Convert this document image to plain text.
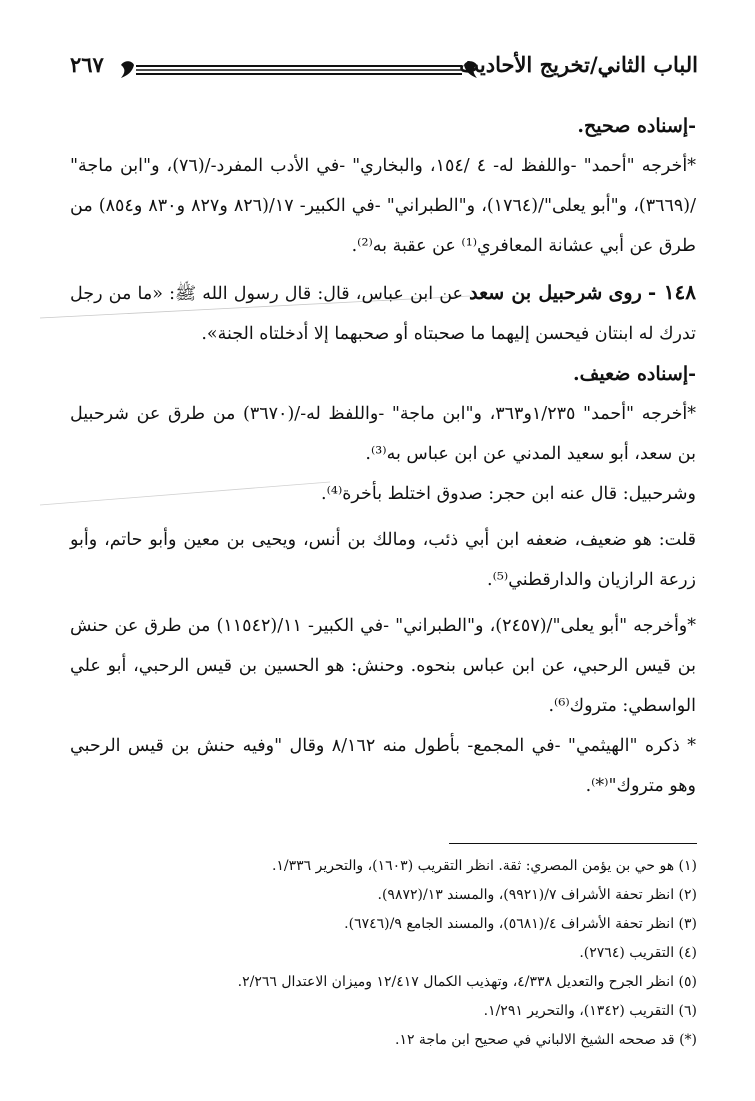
٢٦٧	الباب الثاني/تخريج الأحاديث

-إسناده صحيح.

*أخرجه "أحمد" -واللفظ له- ٤ /١٥٤، والبخاري" -في الأدب المفرد-/(٧٦)، و"ابن ماجة" /(٣٦٦٩)، و"أبو يعلى"/(١٧٦٤)، و"الطبراني" -في الكبير- ١٧/(٨٢٦ و٨٢٧ و٨٣٠ و٨٥٤) من طرق عن أبي عشانة المعافري⁽¹⁾ عن عقبة به⁽²⁾.

١٤٨ - روى شرحبيل بن سعد عن ابن عباس، قال: قال رسول الله ﷺ: «ما من رجل تدرك له ابنتان فيحسن إليهما ما صحبتاه أو صحبهما إلا أدخلتاه الجنة».

-إسناده ضعيف.

*أخرجه "أحمد" ١/٢٣٥و٣٦٣، و"ابن ماجة" -واللفظ له-/(٣٦٧٠) من طرق عن شرحبيل بن سعد، أبو سعيد المدني عن ابن عباس به⁽³⁾.

وشرحبيل: قال عنه ابن حجر: صدوق اختلط بأخرة⁽⁴⁾.

قلت: هو ضعيف، ضعفه ابن أبي ذئب، ومالك بن أنس، ويحيى بن معين وأبو حاتم، وأبو زرعة الرازيان والدارقطني⁽⁵⁾.

*وأخرجه "أبو يعلى"/(٢٤٥٧)، و"الطبراني" -في الكبير- ١١/(١١٥٤٢) من طرق عن حنش بن قيس الرحبي، عن ابن عباس بنحوه. وحنش: هو الحسين بن قيس الرحبي، أبو علي الواسطي: متروك⁽⁶⁾.

* ذكره "الهيثمي" -في المجمع- بأطول منه ٨/١٦٢ وقال "وفيه حنش بن قيس الرحبي وهو متروك"⁽*⁾.

(١) هو حي بن يؤمن المصري: ثقة. انظر التقريب (١٦٠٣)، والتحرير ١/٣٣٦.
(٢) انظر تحفة الأشراف ٧/(٩٩٢١)، والمسند ١٣/(٩٨٧٢).
(٣) انظر تحفة الأشراف ٤/(٥٦٨١)، والمسند الجامع ٩/(٦٧٤٦).
(٤) التقريب (٢٧٦٤).
(٥) انظر الجرح والتعديل ٤/٣٣٨، وتهذيب الكمال ١٢/٤١٧ وميزان الاعتدال ٢/٢٦٦.
(٦) التقريب (١٣٤٢)، والتحرير ١/٢٩١.
(*) قد صححه الشيخ الالباني في صحيح ابن ماجة ١٢.
